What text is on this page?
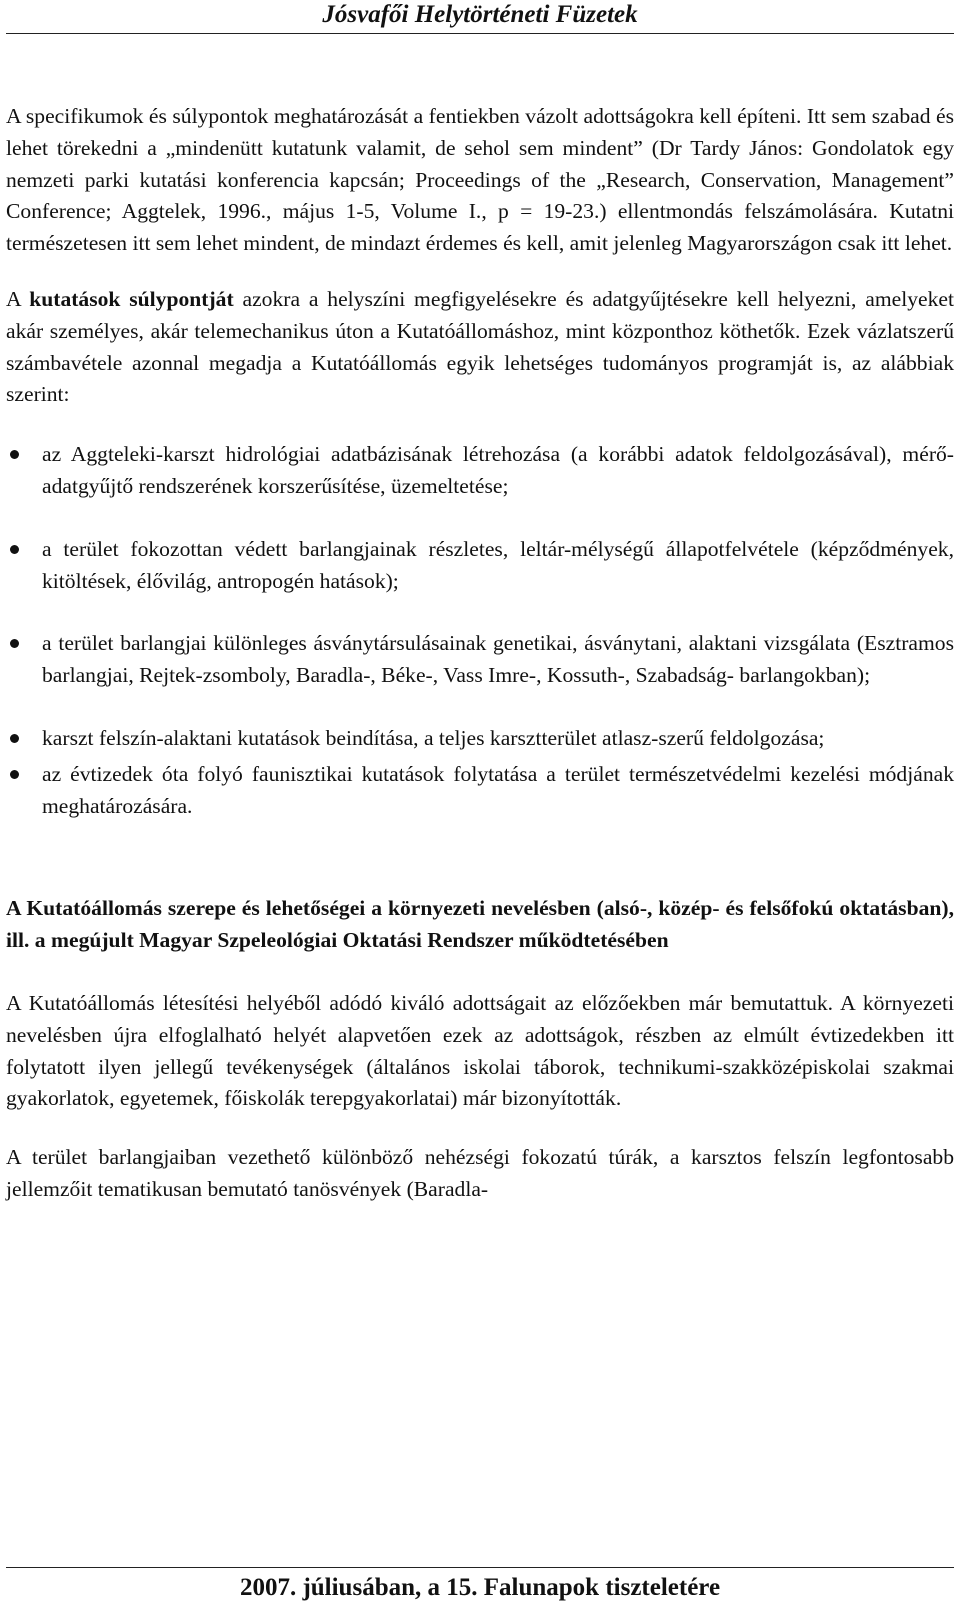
Jósvafői Helytörténeti Füzetek

A specifikumok és súlypontok meghatározását a fentiekben vázolt adottságokra kell építeni. Itt sem szabad és lehet törekedni a „mindenütt kutatunk valamit, de sehol sem mindent” (Dr Tardy János: Gondolatok egy nemzeti parki kutatási konferencia kapcsán; Proceedings of the „Research, Conservation, Management” Conference; Aggtelek, 1996., május 1-5, Volume I., p = 19-23.) ellentmondás felszámolására. Kutatni természetesen itt sem lehet mindent, de mindazt érdemes és kell, amit jelenleg Magyarországon csak itt lehet.

A kutatások súlypontját azokra a helyszíni megfigyelésekre és adatgyűjtésekre kell helyezni, amelyeket akár személyes, akár telemechanikus úton a Kutatóállomáshoz, mint központhoz köthetők. Ezek vázlatszerű számbavétele azonnal megadja a Kutatóállomás egyik lehetséges tudományos programját is, az alábbiak szerint:

az Aggteleki-karszt hidrológiai adatbázisának létrehozása (a korábbi adatok feldolgozásával), mérő-adatgyűjtő rendszerének korszerűsítése, üzemeltetése;
a terület fokozottan védett barlangjainak részletes, leltár-mélységű állapotfelvétele (képződmények, kitöltések, élővilág, antropogén hatások);
a terület barlangjai különleges ásványtársulásainak genetikai, ásványtani, alaktani vizsgálata (Esztramos barlangjai, Rejtek-zsomboly, Baradla-, Béke-, Vass Imre-, Kossuth-, Szabadság- barlangokban);
karszt felszín-alaktani kutatások beindítása, a teljes karsztterület atlasz-szerű feldolgozása;
az évtizedek óta folyó faunisztikai kutatások folytatása a terület természetvédelmi kezelési módjának meghatározására.

A Kutatóállomás szerepe és lehetőségei a környezeti nevelésben (alsó-, közép- és felsőfokú oktatásban), ill. a megújult Magyar Szpeleológiai Oktatási Rendszer működtetésében

A Kutatóállomás létesítési helyéből adódó kiváló adottságait az előzőekben már bemutattuk. A környezeti nevelésben újra elfoglalható helyét alapvetően ezek az adottságok, részben az elmúlt évtizedekben itt folytatott ilyen jellegű tevékenységek (általános iskolai táborok, technikumi-szakközépiskolai szakmai gyakorlatok, egyetemek, főiskolák terepgyakorlatai) már bizonyították.

A terület barlangjaiban vezethető különböző nehézségi fokozatú túrák, a karsztos felszín legfontosabb jellemzőit tematikusan bemutató tanösvények (Baradla-

2007. júliusában, a 15. Falunapok tiszteletére
